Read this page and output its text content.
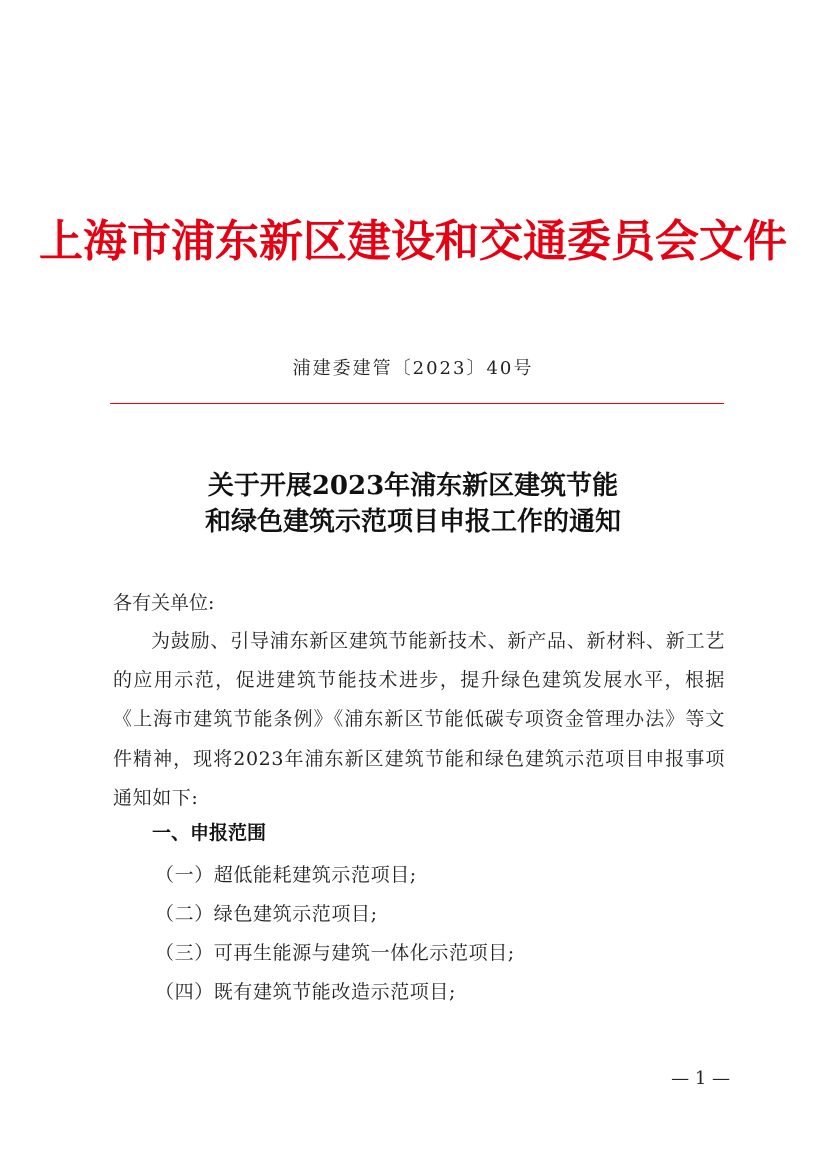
上海市浦东新区建设和交通委员会文件
浦建委建管〔2023〕40号
关于开展2023年浦东新区建筑节能
和绿色建筑示范项目申报工作的通知
各有关单位:
为鼓励、引导浦东新区建筑节能新技术、新产品、新材料、新工艺的应用示范，促进建筑节能技术进步，提升绿色建筑发展水平，根据《上海市建筑节能条例》《浦东新区节能低碳专项资金管理办法》等文件精神，现将2023年浦东新区建筑节能和绿色建筑示范项目申报事项通知如下:
一、申报范围
（一）超低能耗建筑示范项目;
（二）绿色建筑示范项目;
（三）可再生能源与建筑一体化示范项目;
（四）既有建筑节能改造示范项目;
— 1 —
